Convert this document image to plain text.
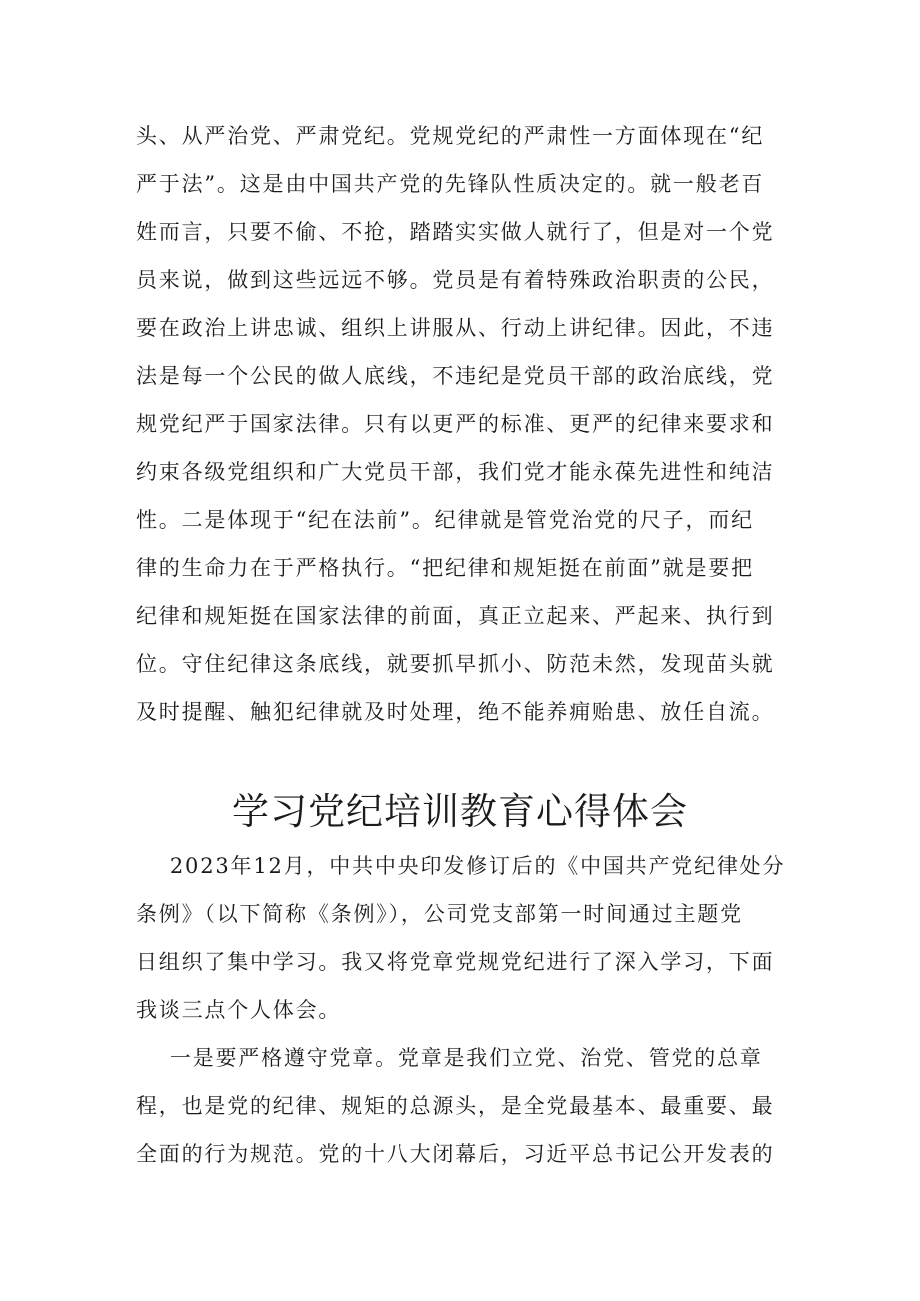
头、从严治党、严肃党纪。党规党纪的严肃性一方面体现在“纪
严于法”。这是由中国共产党的先锋队性质决定的。就一般老百
姓而言，只要不偷、不抢，踏踏实实做人就行了，但是对一个党
员来说，做到这些远远不够。党员是有着特殊政治职责的公民，
要在政治上讲忠诚、组织上讲服从、行动上讲纪律。因此，不违
法是每一个公民的做人底线，不违纪是党员干部的政治底线，党
规党纪严于国家法律。只有以更严的标准、更严的纪律来要求和
约束各级党组织和广大党员干部，我们党才能永葆先进性和纯洁
性。二是体现于“纪在法前”。纪律就是管党治党的尺子，而纪
律的生命力在于严格执行。“把纪律和规矩挺在前面”就是要把
纪律和规矩挺在国家法律的前面，真正立起来、严起来、执行到
位。守住纪律这条底线，就要抓早抓小、防范未然，发现苗头就
及时提醒、触犯纪律就及时处理，绝不能养痈贻患、放任自流。
学习党纪培训教育心得体会
2023年12月，中共中央印发修订后的《中国共产党纪律处分
条例》（以下简称《条例》），公司党支部第一时间通过主题党
日组织了集中学习。我又将党章党规党纪进行了深入学习，下面
我谈三点个人体会。
一是要严格遵守党章。党章是我们立党、治党、管党的总章
程，也是党的纪律、规矩的总源头，是全党最基本、最重要、最
全面的行为规范。党的十八大闭幕后，习近平总书记公开发表的
